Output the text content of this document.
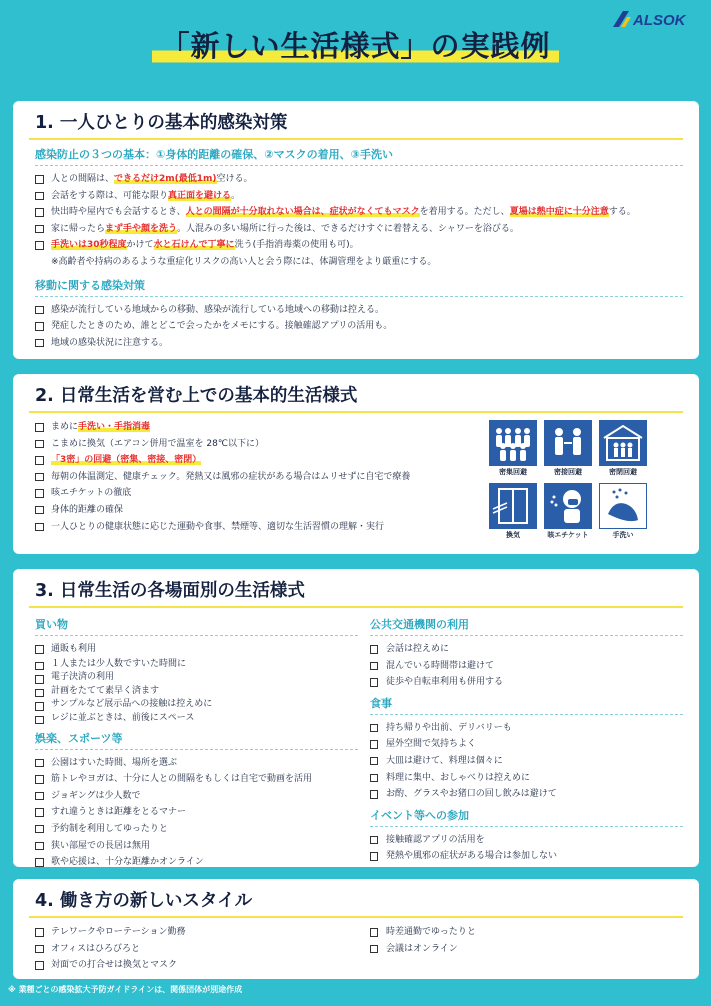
ALSOK
「新しい生活様式」の実践例
1. 一人ひとりの基本的感染対策
感染防止の３つの基本：①身体的距離の確保、②マスクの着用、③手洗い
人との間隔は、できるだけ2m(最低1m)空ける。
会話をする際は、可能な限り真正面を避ける。
快出時や屋内でも会話するとき、人との間隔が十分取れない場合は、症状がなくてもマスクを着用する。ただし、夏場は熱中症に十分注意する。
家に帰ったらまず手や顔を洗う。人混みの多い場所に行った後は、できるだけすぐに着替える、シャワーを浴びる。
手洗いは30秒程度かけて水と石けんで丁寧に洗う(手指消毒薬の使用も可)。
※高齢者や持病のあるような重症化リスクの高い人と会う際には、体調管理をより厳重にする。
移動に関する感染対策
感染が流行している地域からの移動、感染が流行している地域への移動は控える。
発症したときのため、誰とどこで会ったかをメモにする。接触確認アプリの活用も。
地域の感染状況に注意する。
2. 日常生活を営む上での基本的生活様式
まめに手洗い・手指消毒
こまめに換気（エアコン併用で温室を 28℃以下に）
「3密」の回避（密集、密接、密閉）
毎朝の体温測定、健康チェック。発熱又は風邪の症状がある場合はムリせずに自宅で療養
咳エチケットの徹底
身体的距離の確保
一人ひとりの健康状態に応じた運動や食事、禁煙等、適切な生活習慣の理解・実行
密集回避	密接回避	密閉回避
換気	咳エチケット	手洗い
3. 日常生活の各場面別の生活様式
買い物
通販も利用
１人または少人数ですいた時間に
電子決済の利用
計画をたてて素早く済ます
サンプルなど展示品への接触は控えめに
レジに並ぶときは、前後にスペース
娯楽、スポーツ等
公園はすいた時間、場所を選ぶ
筋トレやヨガは、十分に人との間隔をもしくは自宅で動画を活用
ジョギングは少人数で
すれ違うときは距離をとるマナー
予約制を利用してゆったりと
狭い部屋での長居は無用
歌や応援は、十分な距離かオンライン
公共交通機関の利用
会話は控えめに
混んでいる時間帯は避けて
徒歩や自転車利用も併用する
食事
持ち帰りや出前、デリバリーも
屋外空間で気持ちよく
大皿は避けて、料理は個々に
料理に集中、おしゃべりは控えめに
お酌、グラスやお猪口の回し飲みは避けて
イベント等への参加
接触確認アプリの活用を
発熱や風邪の症状がある場合は参加しない
4. 働き方の新しいスタイル
テレワークやローテーション勤務
オフィスはひろびろと
対面での打合せは換気とマスク
時差通勤でゆったりと
会議はオンライン
※ 業種ごとの感染拡大予防ガイドラインは、関係団体が別途作成
